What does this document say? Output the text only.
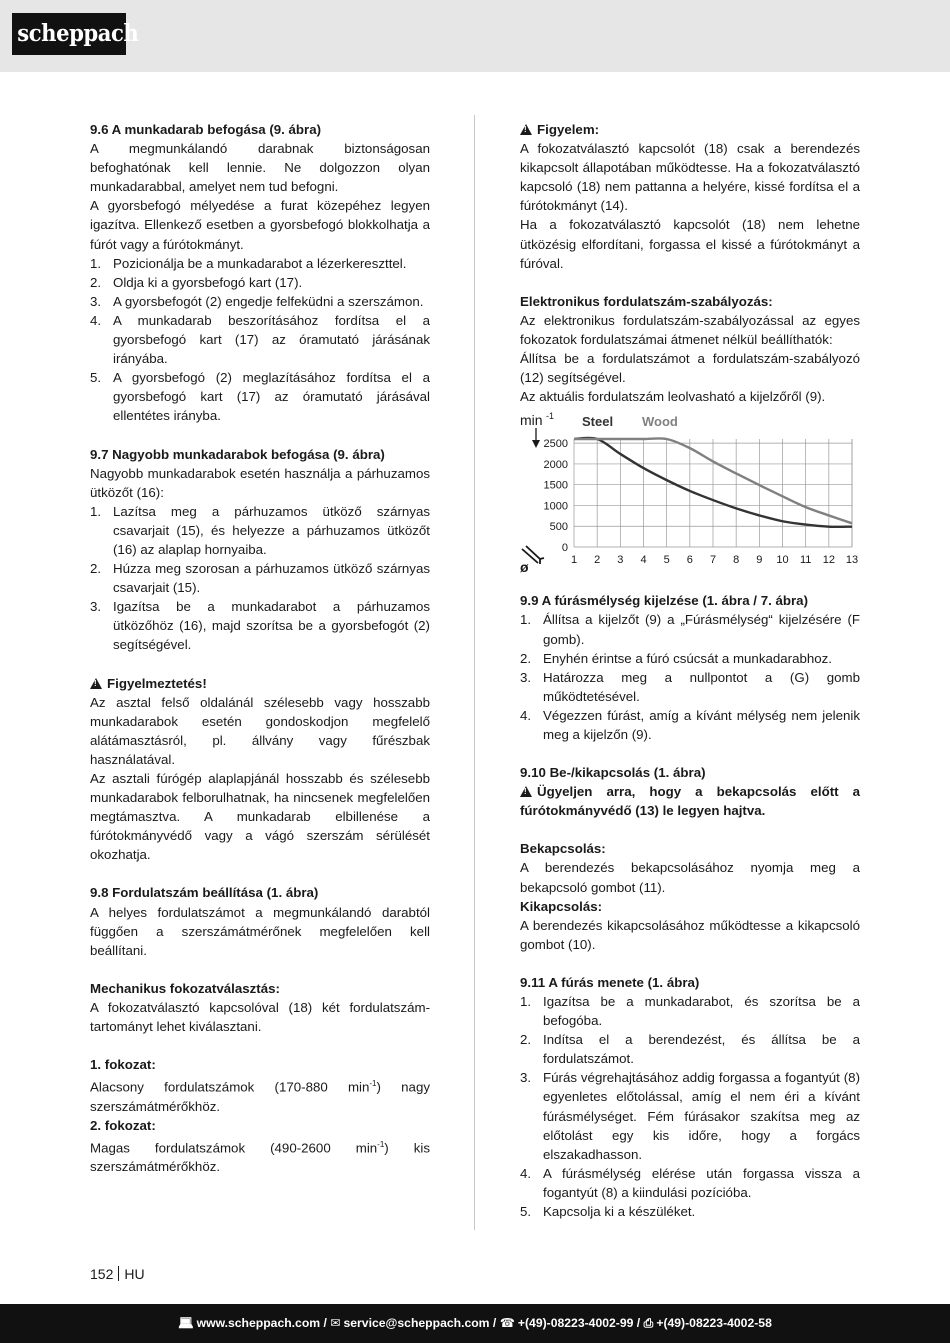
scheppach

9.6 A munkadarab befogása (9. ábra)

A megmunkálandó darabnak biztonságosan befoghatónak kell lennie. Ne dolgozzon olyan munkadarabbal, amelyet nem tud befogni.

A gyorsbefogó mélyedése a furat közepéhez legyen igazítva. Ellenkező esetben a gyorsbefogó blokkolhatja a fúrót vagy a fúrótokmányt.

1. Pozicionálja be a munkadarabot a lézerkereszttel.
2. Oldja ki a gyorsbefogó kart (17).
3. A gyorsbefogót (2) engedje felfeküdni a szerszámon.
4. A munkadarab beszorításához fordítsa el a gyorsbefogó kart (17) az óramutató járásának irányába.
5. A gyorsbefogó (2) meglazításához fordítsa el a gyorsbefogó kart (17) az óramutató járásával ellentétes irányba.

9.7 Nagyobb munkadarabok befogása (9. ábra)

Nagyobb munkadarabok esetén használja a párhuzamos ütközőt (16):

1. Lazítsa meg a párhuzamos ütköző szárnyas csavarjait (15), és helyezze a párhuzamos ütközőt (16) az alaplap hornyaiba.
2. Húzza meg szorosan a párhuzamos ütköző szárnyas csavarjait (15).
3. Igazítsa be a munkadarabot a párhuzamos ütközőhöz (16), majd szorítsa be a gyorsbefogót (2) segítségével.

!Figyelmeztetés!

Az asztal felső oldalánál szélesebb vagy hosszabb munkadarabok esetén gondoskodjon megfelelő alátámasztásról, pl. állvány vagy fűrészbak használatával.

Az asztali fúrógép alaplapjánál hosszabb és szélesebb munkadarabok felborulhatnak, ha nincsenek megfelelően megtámasztva. A munkadarab elbillenése a fúrótokmányvédő vagy a vágó szerszám sérülését okozhatja.

9.8 Fordulatszám beállítása (1. ábra)

A helyes fordulatszámot a megmunkálandó darabtól függően a szerszámátmérőnek megfelelően kell beállítani.

Mechanikus fokozatválasztás:

A fokozatválasztó kapcsolóval (18) két fordulatszám-tartományt lehet kiválasztani.

1. fokozat:

Alacsony fordulatszámok (170-880 $\min^{-1}$) nagy szerszámátmérőkhöz.

2. fokozat:

Magas fordulatszámok (490-2600 $\min^{-1}$) kis szerszámátmérőkhöz.

!Figyelem:

A fokozatválasztó kapcsolót (18) csak a berendezés kikapcsolt állapotában működtesse. Ha a fokozatválasztó kapcsoló (18) nem pattanna a helyére, kissé fordítsa el a fúrótokmányt (14).

Ha a fokozatválasztó kapcsolót (18) nem lehetne ütközésig elfordítani, forgassa el kissé a fúrótokmányt a fúróval.

Elektronikus fordulatszám-szabályozás:

Az elektronikus fordulatszám-szabályozással az egyes fokozatok fordulatszámai átmenet nélkül beállíthatók:

Állítsa be a fordulatszámot a fordulatszám-szabályozó (12) segítségével.

Az aktuális fordulatszám leolvasható a kijelzőről (9).

min -1
0
500
1000
1500
2000
2500
1 2 3 4 5 6 7 8 9 10 11 12 13
ø
Steel Wood

9.9 A fúrásmélység kijelzése (1. ábra / 7. ábra)

1. Állítsa a kijelzőt (9) a „Fúrásmélység“ kijelzésére (F gomb).
2. Enyhén érintse a fúró csúcsát a munkadarabhoz.
3. Határozza meg a nullpontot a (G) gomb működtetésével.
4. Végezzen fúrást, amíg a kívánt mélység nem jelenik meg a kijelzőn (9).

9.10 Be-/kikapcsolás (1. ábra)

!Ügyeljen arra, hogy a bekapcsolás előtt a fúrótokmányvédő (13) le legyen hajtva.

Bekapcsolás:

A berendezés bekapcsolásához nyomja meg a bekapcsoló gombot (11).

Kikapcsolás:

A berendezés kikapcsolásához működtesse a kikapcsoló gombot (10).

9.11 A fúrás menete (1. ábra)

1. Igazítsa be a munkadarabot, és szorítsa be a befogóba.
2. Indítsa el a berendezést, és állítsa be a fordulatszámot.
3. Fúrás végrehajtásához addig forgassa a fogantyút (8) egyenletes előtolással, amíg el nem éri a kívánt fúrásmélységet. Fém fúrásakor szakítsa meg az előtolást egy kis időre, hogy a forgács elszakadhasson.
4. A fúrásmélység elérése után forgassa vissza a fogantyút (8) a kiindulási pozícióba.
5. Kapcsolja ki a készüléket.
152 HU
💻︎ www.scheppach.com / ✉ service@scheppach.com / ☎ +(49)-08223-4002-99 / ⎙ +(49)-08223-4002-58
